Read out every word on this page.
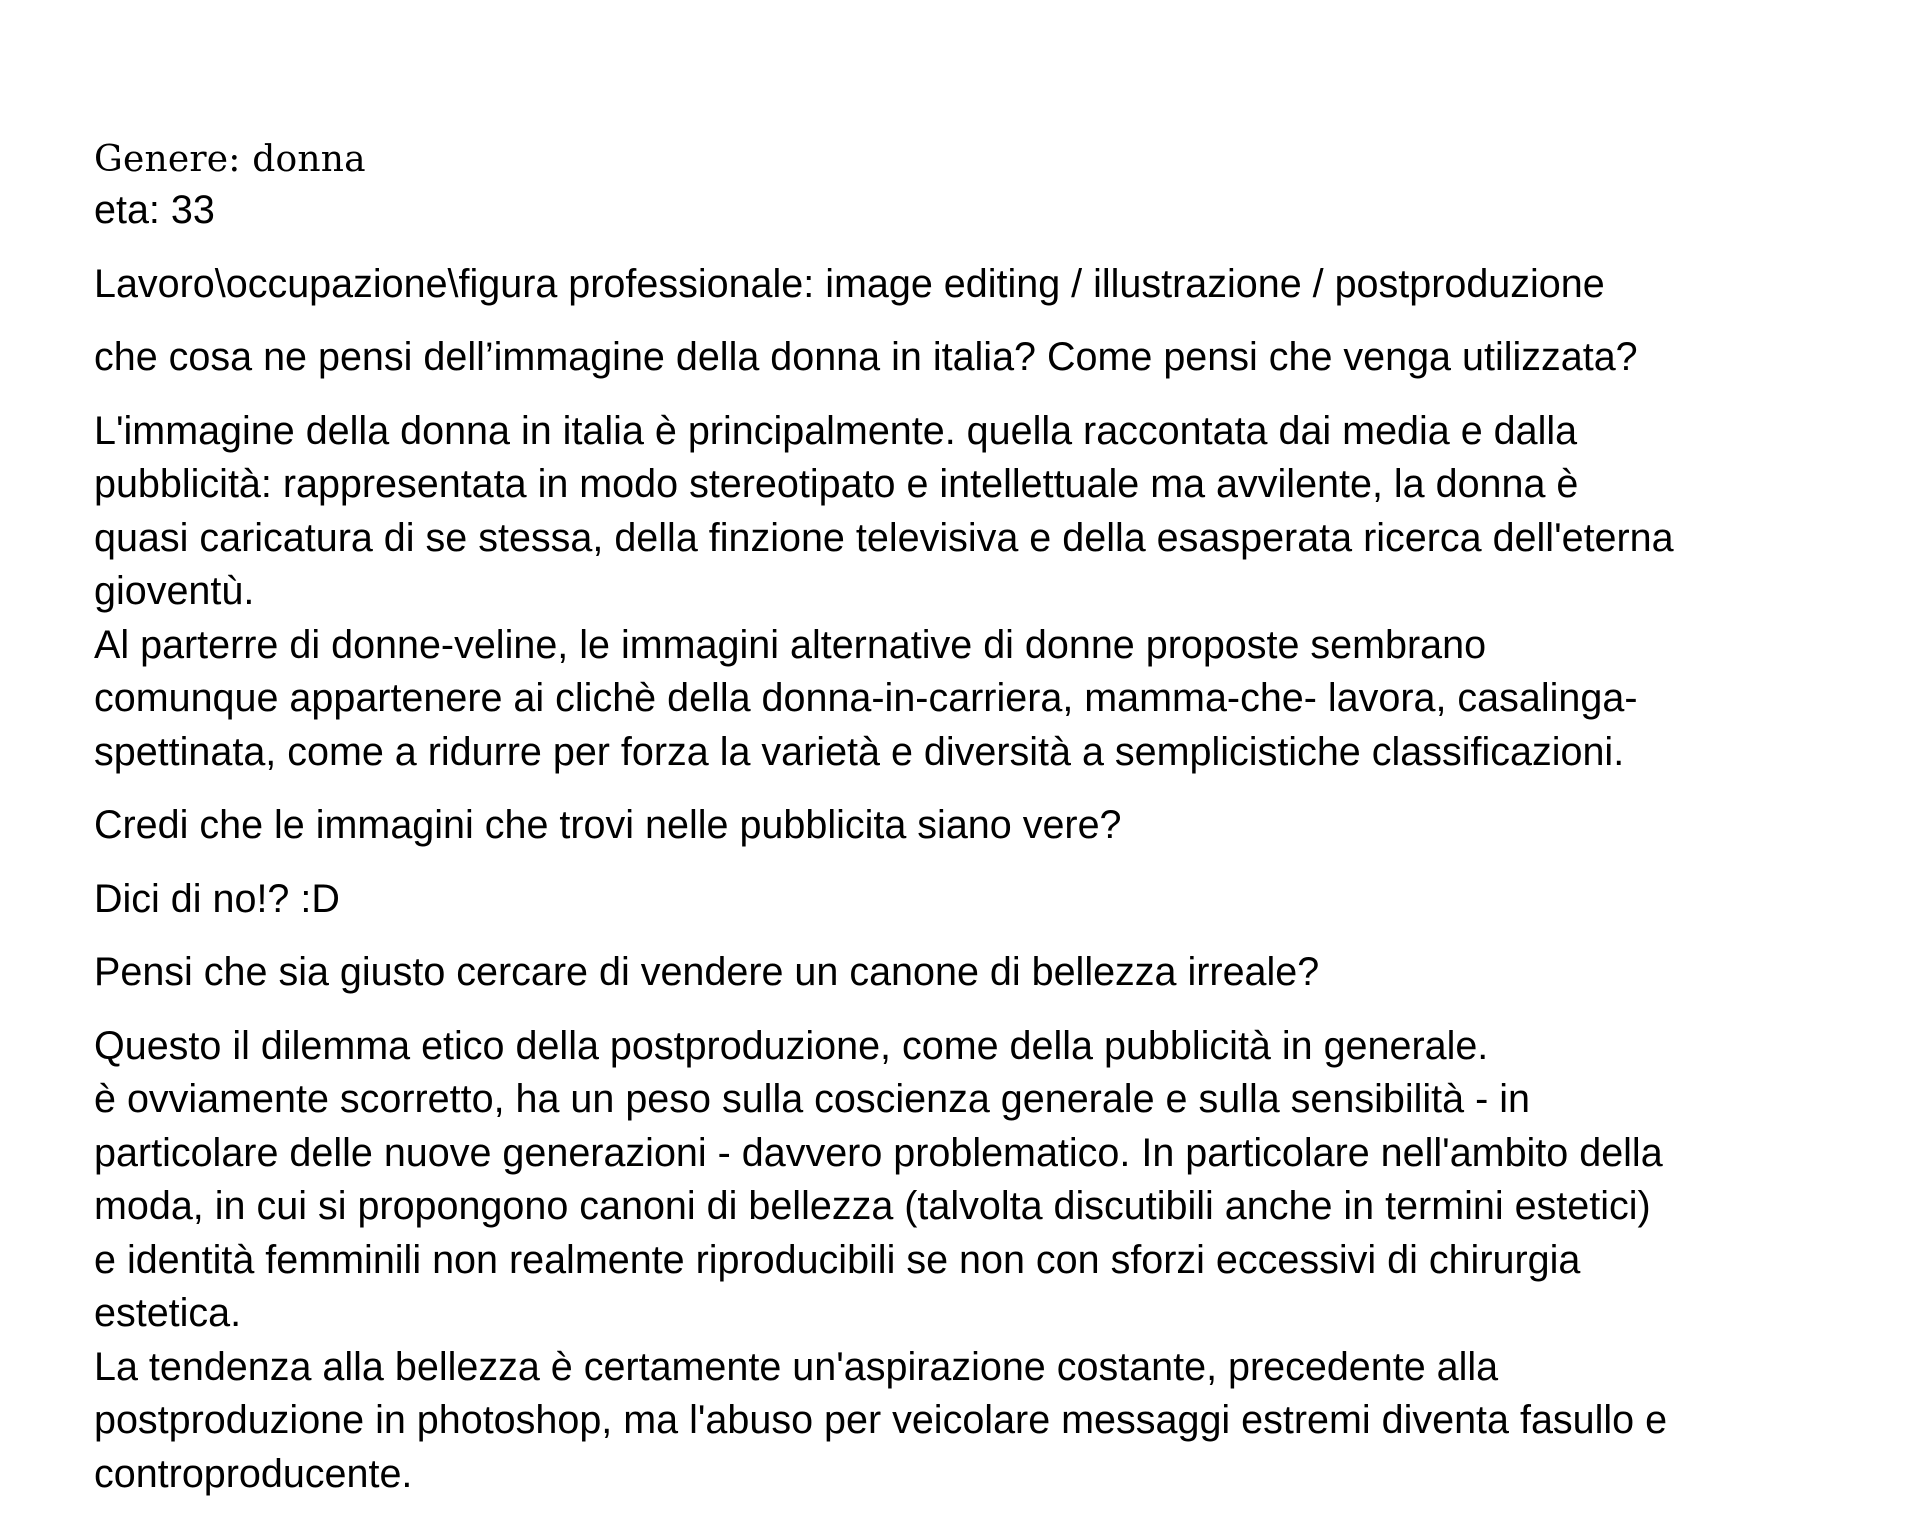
Genere: donna

eta: 33

Lavoro\occupazione\figura professionale: image editing / illustrazione / postproduzione

che cosa ne pensi dell’immagine della donna in italia? Come pensi che venga utilizzata?

L'immagine della donna in italia è principalmente. quella raccontata dai media e dalla
pubblicità: rappresentata in modo stereotipato e intellettuale ma avvilente, la donna è
quasi caricatura di se stessa, della finzione televisiva e della esasperata ricerca dell'eterna
gioventù.
Al parterre di donne-veline, le immagini alternative di donne proposte sembrano
comunque appartenere ai clichè della donna-in-carriera, mamma-che- lavora, casalinga-
spettinata, come a ridurre per forza la varietà e diversità a semplicistiche classificazioni.

Credi che le immagini che trovi nelle pubblicita siano vere?

Dici di no!? :D

Pensi che sia giusto cercare di vendere un canone di bellezza irreale?

Questo il dilemma etico della postproduzione, come della pubblicità in generale.
è ovviamente scorretto, ha un peso sulla coscienza generale e sulla sensibilità - in
particolare delle nuove generazioni - davvero problematico. In particolare nell'ambito della
moda, in cui si propongono canoni di bellezza (talvolta discutibili anche in termini estetici)
e identità femminili non realmente riproducibili se non con sforzi eccessivi di chirurgia
estetica.
La tendenza alla bellezza è certamente un'aspirazione costante, precedente alla
postproduzione in photoshop, ma l'abuso per veicolare messaggi estremi diventa fasullo e
controproducente.
